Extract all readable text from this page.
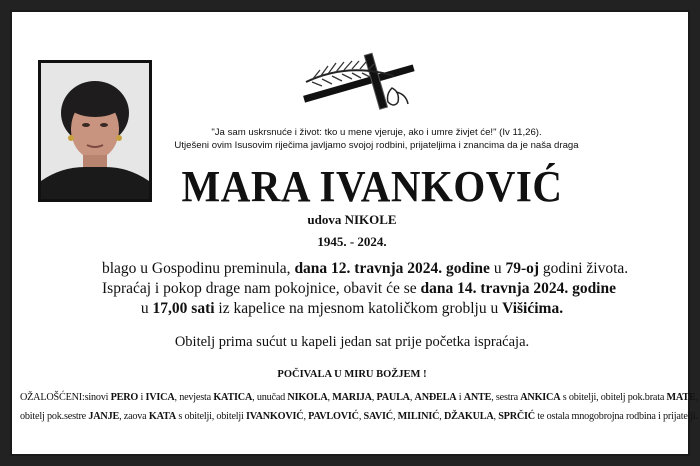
"Ja sam uskrsnuće i život: tko u mene vjeruje, ako i umre živjet će!" (Iv 11,26).
Utješeni ovim Isusovim riječima javljamo svojoj rodbini, prijateljima i znancima da je naša draga
MARA IVANKOVIĆ
udova NIKOLE
1945. - 2024.
blago u Gospodinu preminula, dana 12. travnja 2024. godine u 79-oj godini života.
Ispraćaj i pokop drage nam pokojnice, obavit će se dana 14. travnja 2024. godine
u 17,00 sati iz kapelice na mjesnom katoličkom groblju u Višićima.
Obitelj prima sućut u kapeli jedan sat prije početka ispraćaja.
POČIVALA U MIRU BOŽJEM !
OŽALOŠĆENI:sinovi PERO i IVICA, nevjesta KATICA, unučad NIKOLA, MARIJA, PAULA, ANĐELA i ANTE, sestra ANKICA s obitelji, obitelj pok.brata MATE,
obitelj pok.sestre JANJE, zaova KATA s obitelji, obitelji IVANKOVIĆ, PAVLOVIĆ, SAVIĆ, MILINIĆ, DŽAKULA, SPRČIĆ te ostala mnogobrojna rodbina i prijatelji.
